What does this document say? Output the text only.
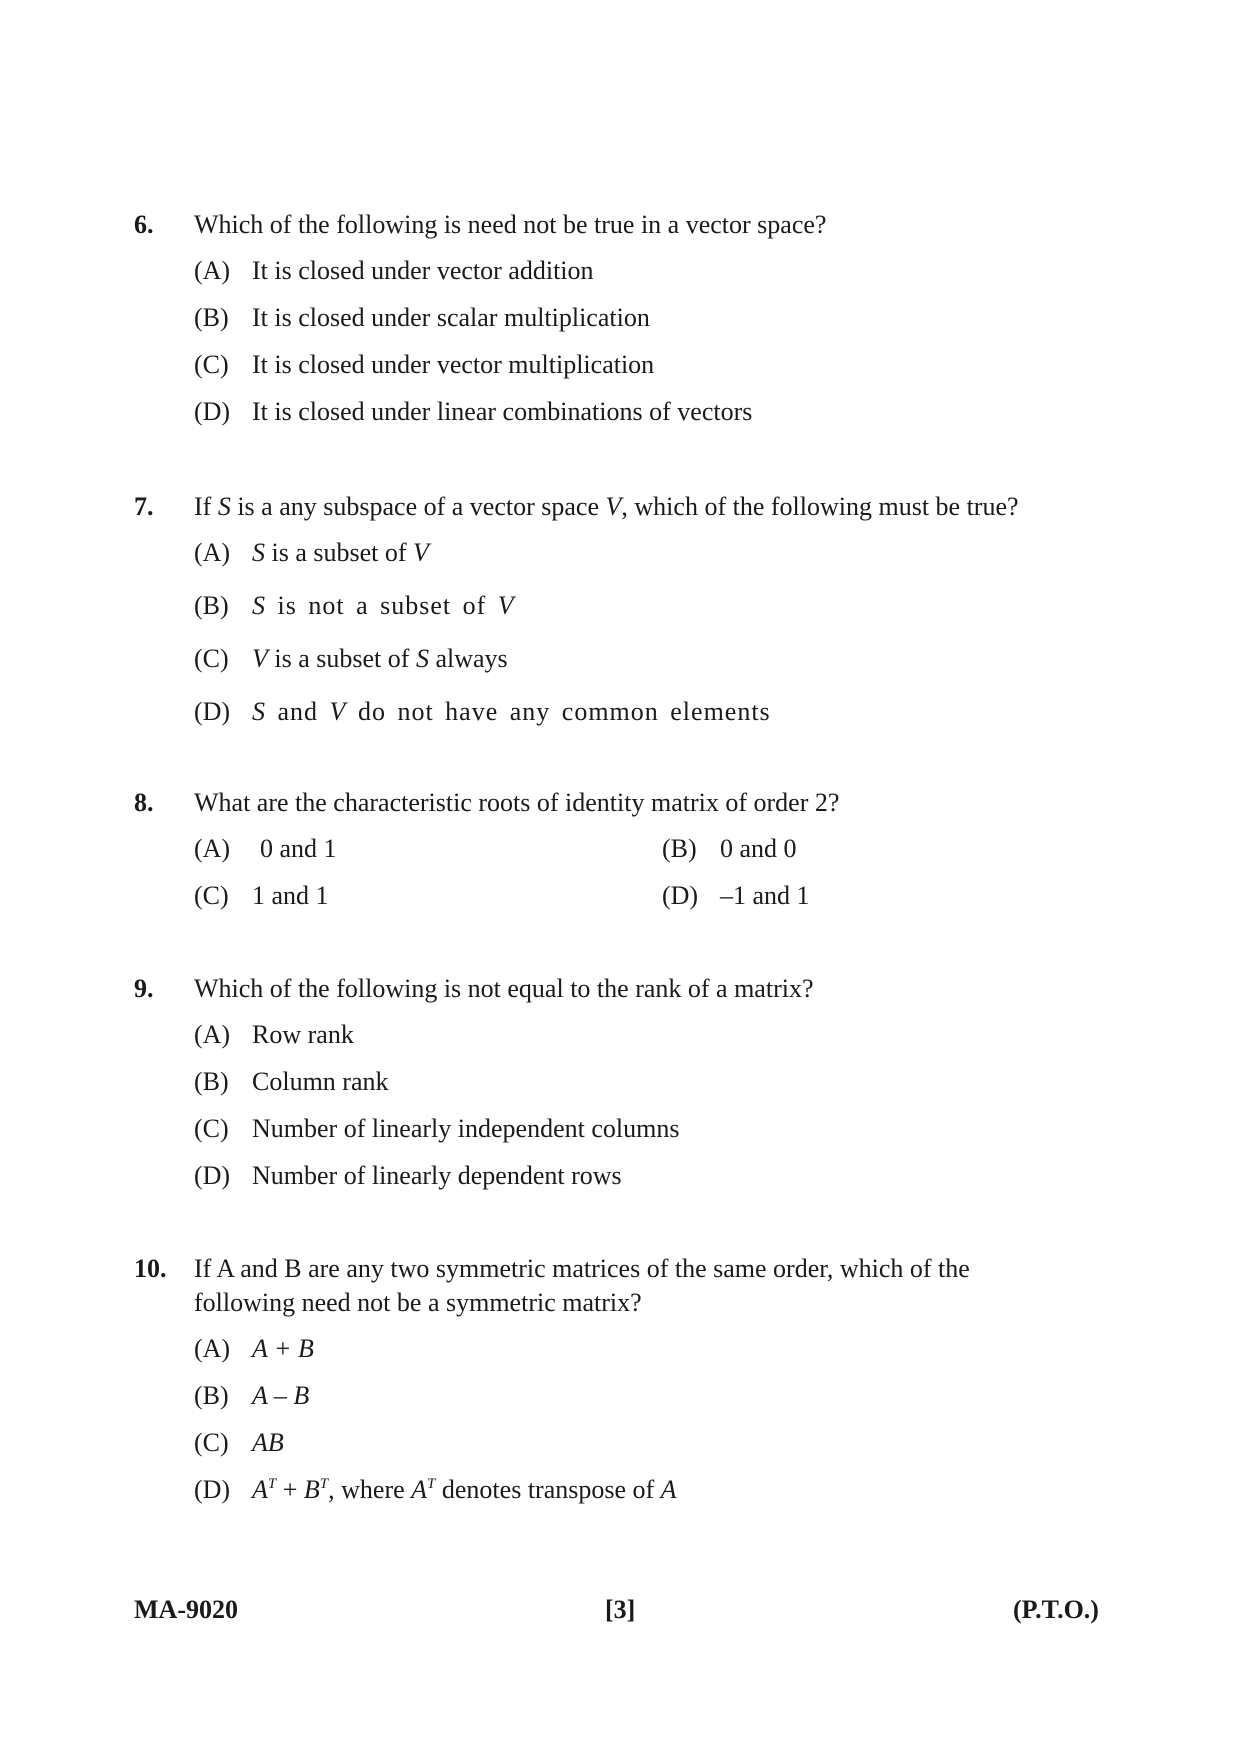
6. Which of the following is need not be true in a vector space?
(A) It is closed under vector addition
(B) It is closed under scalar multiplication
(C) It is closed under vector multiplication
(D) It is closed under linear combinations of vectors
7. If S is a any subspace of a vector space V, which of the following must be true?
(A) S is a subset of V
(B) S is not a subset of V
(C) V is a subset of S always
(D) S and V do not have any common elements
8. What are the characteristic roots of identity matrix of order 2?
(A) 0 and 1	(B) 0 and 0
(C) 1 and 1	(D) –1 and 1
9. Which of the following is not equal to the rank of a matrix?
(A) Row rank
(B) Column rank
(C) Number of linearly independent columns
(D) Number of linearly dependent rows
10. If A and B are any two symmetric matrices of the same order, which of the
following need not be a symmetric matrix?
(A) A + B
(B) A – B
(C) AB
(D) $A^T + B^T$, where $A^T$ denotes transpose of A
MA-9020	[3]	(P.T.O.)
